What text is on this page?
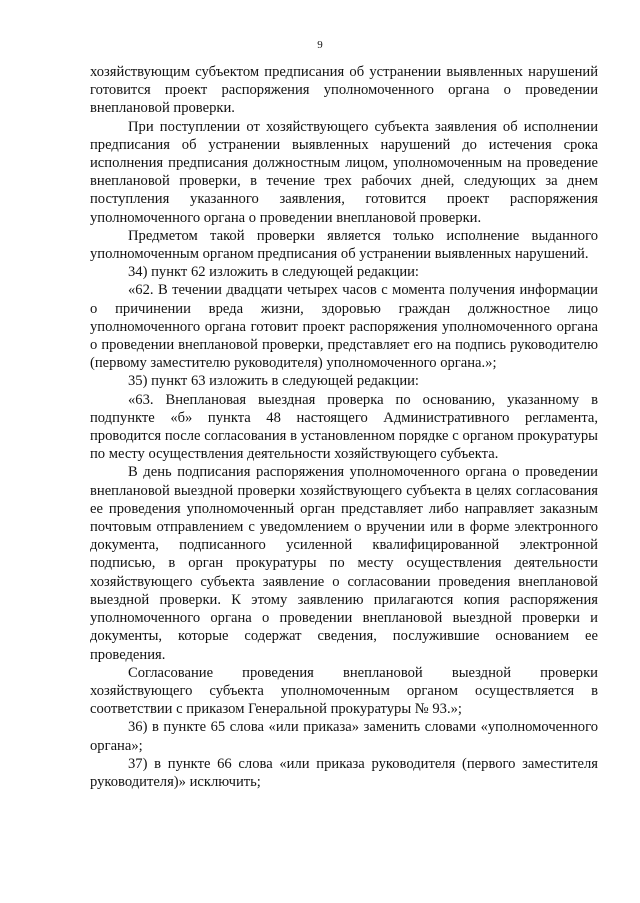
9

хозяйствующим субъектом предписания об устранении выявленных нарушений готовится проект распоряжения уполномоченного органа о проведении внеплановой проверки.

При поступлении от хозяйствующего субъекта заявления об исполнении предписания об устранении выявленных нарушений до истечения срока исполнения предписания должностным лицом, уполномоченным на проведение внеплановой проверки, в течение трех рабочих дней, следующих за днем поступления указанного заявления, готовится проект распоряжения уполномоченного органа о проведении внеплановой проверки.

Предметом такой проверки является только исполнение выданного уполномоченным органом предписания об устранении выявленных нарушений.

34) пункт 62 изложить в следующей редакции:

«62. В течении двадцати четырех часов с момента получения информации о причинении вреда жизни, здоровью граждан должностное лицо уполномоченного органа готовит проект распоряжения уполномоченного органа о проведении внеплановой проверки, представляет его на подпись руководителю (первому заместителю руководителя) уполномоченного органа.»;

35) пункт 63 изложить в следующей редакции:

«63. Внеплановая выездная проверка по основанию, указанному в подпункте «б» пункта 48 настоящего Административного регламента, проводится после согласования в установленном порядке с органом прокуратуры по месту осуществления деятельности хозяйствующего субъекта.

В день подписания распоряжения уполномоченного органа о проведении внеплановой выездной проверки хозяйствующего субъекта в целях согласования ее проведения уполномоченный орган представляет либо направляет заказным почтовым отправлением с уведомлением о вручении или в форме электронного документа, подписанного усиленной квалифицированной электронной подписью, в орган прокуратуры по месту осуществления деятельности хозяйствующего субъекта заявление о согласовании проведения внеплановой выездной проверки. К этому заявлению прилагаются копия распоряжения уполномоченного органа о проведении внеплановой выездной проверки и документы, которые содержат сведения, послужившие основанием ее проведения.

Согласование проведения внеплановой выездной проверки хозяйствующего субъекта уполномоченным органом осуществляется в соответствии с приказом Генеральной прокуратуры № 93.»;

36) в пункте 65 слова «или приказа» заменить словами «уполномоченного органа»;

37) в пункте 66 слова «или приказа руководителя (первого заместителя руководителя)» исключить;
